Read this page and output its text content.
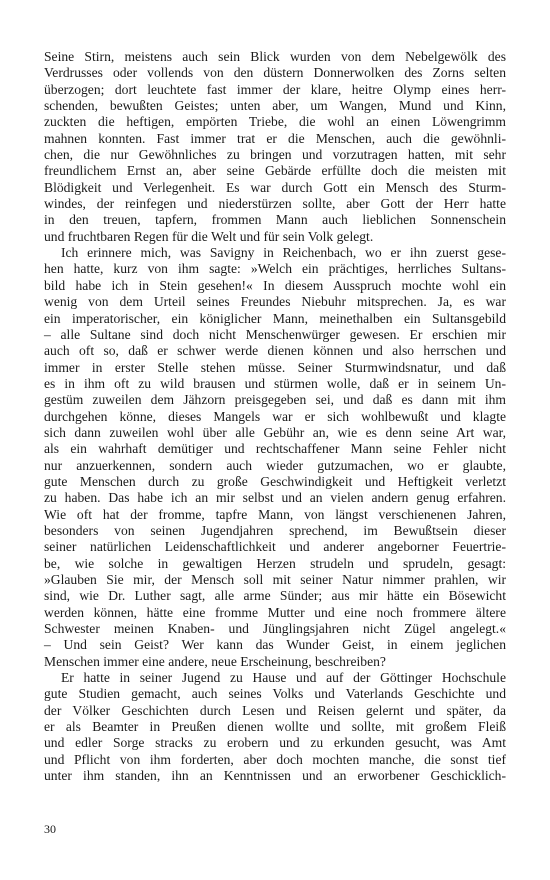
Seine Stirn, meistens auch sein Blick wurden von dem Nebelgewölk des
Verdrusses oder vollends von den düstern Donnerwolken des Zorns selten
überzogen; dort leuchtete fast immer der klare, heitre Olymp eines herr-
schenden, bewußten Geistes; unten aber, um Wangen, Mund und Kinn,
zuckten die heftigen, empörten Triebe, die wohl an einen Löwengrimm
mahnen konnten. Fast immer trat er die Menschen, auch die gewöhnli-
chen, die nur Gewöhnliches zu bringen und vorzutragen hatten, mit sehr
freundlichem Ernst an, aber seine Gebärde erfüllte doch die meisten mit
Blödigkeit und Verlegenheit. Es war durch Gott ein Mensch des Sturm-
windes, der reinfegen und niederstürzen sollte, aber Gott der Herr hatte
in den treuen, tapfern, frommen Mann auch lieblichen Sonnenschein
und fruchtbaren Regen für die Welt und für sein Volk gelegt.
Ich erinnere mich, was Savigny in Reichenbach, wo er ihn zuerst gese-
hen hatte, kurz von ihm sagte: »Welch ein prächtiges, herrliches Sultans-
bild habe ich in Stein gesehen!« In diesem Ausspruch mochte wohl ein
wenig von dem Urteil seines Freundes Niebuhr mitsprechen. Ja, es war
ein imperatorischer, ein königlicher Mann, meinethalben ein Sultansgebild
– alle Sultane sind doch nicht Menschenwürger gewesen. Er erschien mir
auch oft so, daß er schwer werde dienen können und also herrschen und
immer in erster Stelle stehen müsse. Seiner Sturmwindsnatur, und daß
es in ihm oft zu wild brausen und stürmen wolle, daß er in seinem Un-
gestüm zuweilen dem Jähzorn preisgegeben sei, und daß es dann mit ihm
durchgehen könne, dieses Mangels war er sich wohlbewußt und klagte
sich dann zuweilen wohl über alle Gebühr an, wie es denn seine Art war,
als ein wahrhaft demütiger und rechtschaffener Mann seine Fehler nicht
nur anzuerkennen, sondern auch wieder gutzumachen, wo er glaubte,
gute Menschen durch zu große Geschwindigkeit und Heftigkeit verletzt
zu haben. Das habe ich an mir selbst und an vielen andern genug erfahren.
Wie oft hat der fromme, tapfre Mann, von längst verschienenen Jahren,
besonders von seinen Jugendjahren sprechend, im Bewußtsein dieser
seiner natürlichen Leidenschaftlichkeit und anderer angeborner Feuertrie-
be, wie solche in gewaltigen Herzen strudeln und sprudeln, gesagt:
»Glauben Sie mir, der Mensch soll mit seiner Natur nimmer prahlen, wir
sind, wie Dr. Luther sagt, alle arme Sünder; aus mir hätte ein Bösewicht
werden können, hätte eine fromme Mutter und eine noch frommere ältere
Schwester meinen Knaben- und Jünglingsjahren nicht Zügel angelegt.«
– Und sein Geist? Wer kann das Wunder Geist, in einem jeglichen
Menschen immer eine andere, neue Erscheinung, beschreiben?
Er hatte in seiner Jugend zu Hause und auf der Göttinger Hochschule
gute Studien gemacht, auch seines Volks und Vaterlands Geschichte und
der Völker Geschichten durch Lesen und Reisen gelernt und später, da
er als Beamter in Preußen dienen wollte und sollte, mit großem Fleiß
und edler Sorge stracks zu erobern und zu erkunden gesucht, was Amt
und Pflicht von ihm forderten, aber doch mochten manche, die sonst tief
unter ihm standen, ihn an Kenntnissen und an erworbener Geschicklich-
30
